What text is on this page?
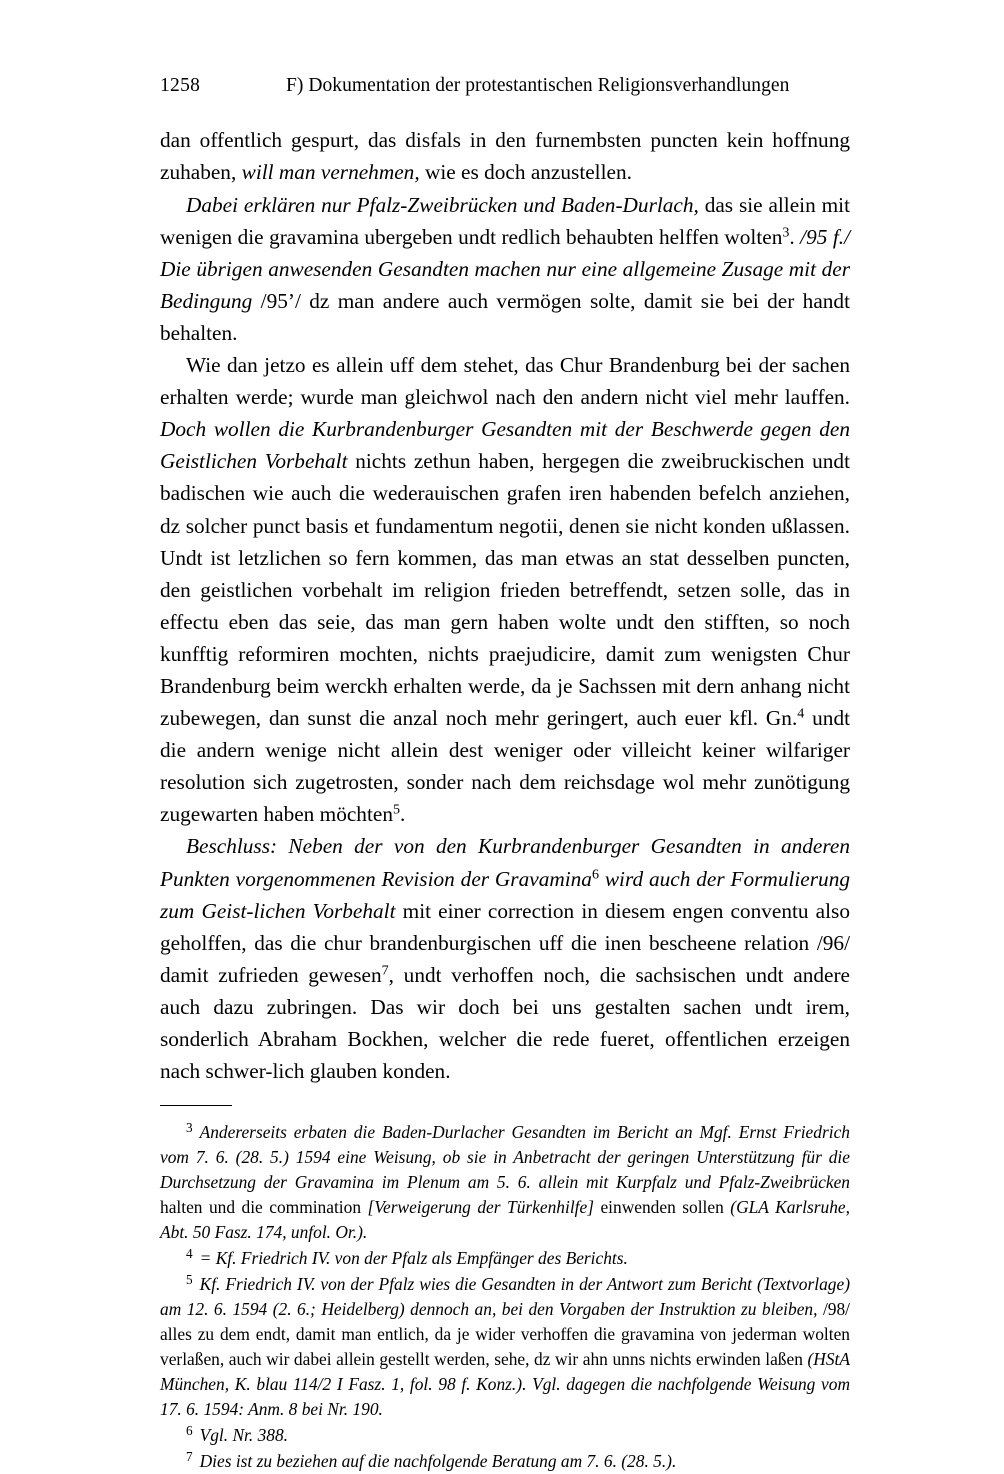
1258	F) Dokumentation der protestantischen Religionsverhandlungen

dan offentlich gespurt, das disfals in den furnembsten puncten kein hoffnung zuhaben, will man vernehmen, wie es doch anzustellen.

Dabei erklären nur Pfalz-Zweibrücken und Baden-Durlach, das sie allein mit wenigen die gravamina ubergeben undt redlich behaubten helffen wolten$^3$. /95 f./ Die übrigen anwesenden Gesandten machen nur eine allgemeine Zusage mit der Bedingung /95’/ dz man andere auch vermögen solte, damit sie bei der handt behalten.

Wie dan jetzo es allein uff dem stehet, das Chur Brandenburg bei der sachen erhalten werde; wurde man gleichwol nach den andern nicht viel mehr lauffen. Doch wollen die Kurbrandenburger Gesandten mit der Beschwerde gegen den Geistlichen Vorbehalt nichts zethun haben, hergegen die zweibruckischen undt badischen wie auch die wederauischen grafen iren habenden befelch anziehen, dz solcher punct basis et fundamentum negotii, denen sie nicht konden ußlassen. Undt ist letzlichen so fern kommen, das man etwas an stat desselben puncten, den geistlichen vorbehalt im religion frieden betreffendt, setzen solle, das in effectu eben das seie, das man gern haben wolte undt den stifften, so noch kunfftig reformiren mochten, nichts praejudicire, damit zum wenigsten Chur Brandenburg beim werckh erhalten werde, da je Sachssen mit dern anhang nicht zubewegen, dan sunst die anzal noch mehr geringert, auch euer kfl. Gn.$^4$ undt die andern wenige nicht allein dest weniger oder villeicht keiner wilfariger resolution sich zugetrosten, sonder nach dem reichsdage wol mehr zunötigung zugewarten haben möchten$^5$.

Beschluss: Neben der von den Kurbrandenburger Gesandten in anderen Punkten vorgenommenen Revision der Gravamina$^6$ wird auch der Formulierung zum Geist-​lichen Vorbehalt mit einer correction in diesem engen conventu also geholffen, das die chur brandenburgischen uff die inen bescheene relation /96/ damit zufrieden gewesen$^7$, undt verhoffen noch, die sachsischen undt andere auch dazu zubringen. Das wir doch bei uns gestalten sachen undt irem, sonderlich Abraham Bockhen, welcher die rede fueret, offentlichen erzeigen nach schwer-​lich glauben konden.

$^3$ Andererseits erbaten die Baden-Durlacher Gesandten im Bericht an Mgf. Ernst Friedrich vom 7. 6. (28. 5.) 1594 eine Weisung, ob sie in Anbetracht der geringen Unterstützung für die Durchsetzung der Gravamina im Plenum am 5. 6. allein mit Kurpfalz und Pfalz-Zweibrücken halten und die commination [Verweigerung der Türkenhilfe] einwenden sollen (GLA Karlsruhe, Abt. 50 Fasz. 174, unfol. Or.).

$^4$ = Kf. Friedrich IV. von der Pfalz als Empfänger des Berichts.

$^5$ Kf. Friedrich IV. von der Pfalz wies die Gesandten in der Antwort zum Bericht (Textvorlage) am 12. 6. 1594 (2. 6.; Heidelberg) dennoch an, bei den Vorgaben der Instruktion zu bleiben, /98/ alles zu dem endt, damit man entlich, da je wider verhoffen die gravamina von jederman wolten verlaßen, auch wir dabei allein gestellt werden, sehe, dz wir ahn unns nichts erwinden laßen (HStA München, K. blau 114/2 I Fasz. 1, fol. 98 f. Konz.). Vgl. dagegen die nachfolgende Weisung vom 17. 6. 1594: Anm. 8 bei Nr. 190.

$^6$ Vgl. Nr. 388.

$^7$ Dies ist zu beziehen auf die nachfolgende Beratung am 7. 6. (28. 5.).
